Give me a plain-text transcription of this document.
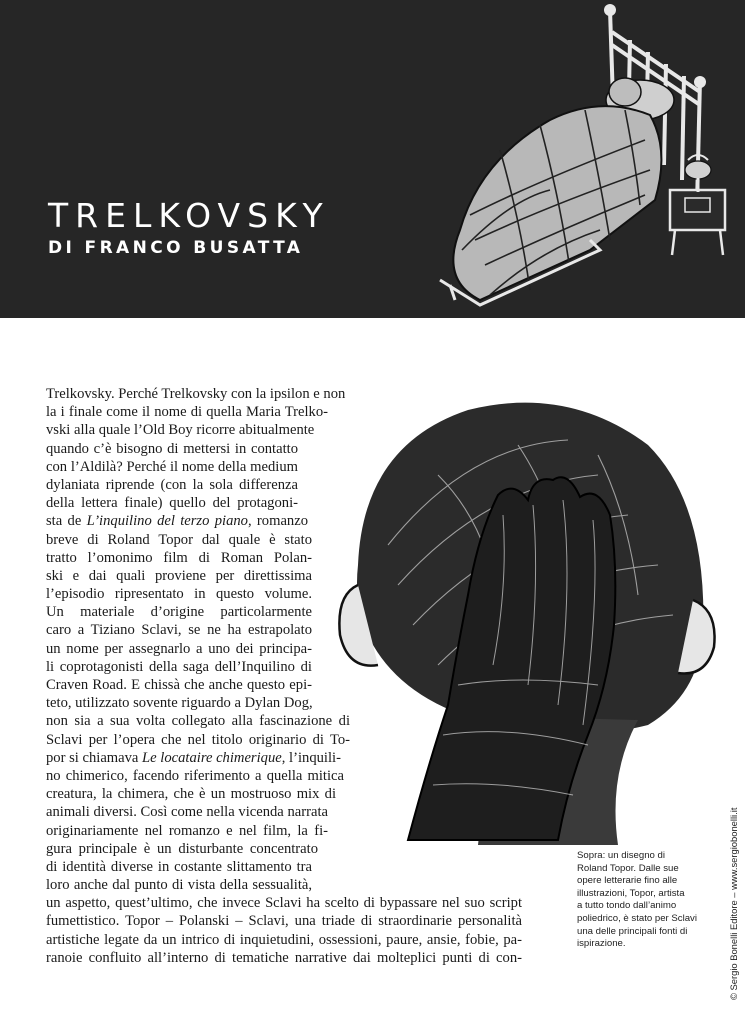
TRELKOVSKY
DI FRANCO BUSATTA
Trelkovsky. Perché Trelkovsky con la ipsilon e non
la i finale come il nome di quella Maria Trelko-
vski alla quale l’Old Boy ricorre abitualmente
quando c’è bisogno di mettersi in contatto
con l’Aldilà? Perché il nome della medium
dylaniata riprende (con la sola differenza
della lettera finale) quello del protagoni-
sta de L’inquilino del terzo piano, romanzo
breve di Roland Topor dal quale è stato
tratto l’omonimo film di Roman Polan-
ski e dai quali proviene per direttissima
l’episodio ripresentato in questo volume.
Un materiale d’origine particolarmente
caro a Tiziano Sclavi, se ne ha estrapolato
un nome per assegnarlo a uno dei principa-
li coprotagonisti della saga dell’Inquilino di
Craven Road. E chissà che anche questo epi-
teto, utilizzato sovente riguardo a Dylan Dog,
non sia a sua volta collegato alla fascinazione di
Sclavi per l’opera che nel titolo originario di To-
por si chiamava Le locataire chimerique, l’inquili-
no chimerico, facendo riferimento a quella mitica
creatura, la chimera, che è un mostruoso mix di
animali diversi. Così come nella vicenda narrata
originariamente nel romanzo e nel film, la fi-
gura principale è un disturbante concentrato
di identità diverse in costante slittamento tra
loro anche dal punto di vista della sessualità,
un aspetto, quest’ultimo, che invece Sclavi ha scelto di bypassare nel suo script
fumettistico. Topor – Polanski – Sclavi, una triade di straordinarie personalità
artistiche legate da un intrico di inquietudini, ossessioni, paure, ansie, fobie, pa-
ranoie confluito all’interno di tematiche narrative dai molteplici punti di con-
Sopra: un disegno di
Roland Topor. Dalle sue
opere letterarie fino alle
illustrazioni, Topor, artista
a tutto tondo dall’animo
poliedrico, è stato per Sclavi
una delle principali fonti di
ispirazione.	© Sergio Bonelli Editore – www.sergiobonelli.it
